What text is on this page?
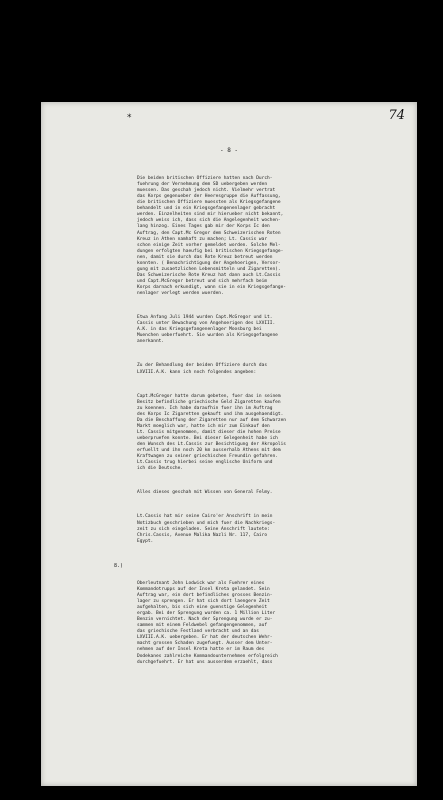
*	74
- 8 -

Die beiden britischen Offiziere hatten nach Durch-
fuehrung der Vernehmung dem SD uebergeben werden
muessen. Das geschah jedoch nicht. Vielmehr vertrat
das Korps gegenueber der Heeresgruppe die Auffassung,
die britischen Offiziere muessten als Kriegsgefangene
behandelt und in ein Kriegsgefangenenlager gebracht
werden. Einzelheiten sind mir hierueber nicht bekannt,
jedoch weiss ich, dass sich die Angelegenheit wochen-
lang hinzog. Eines Tages gab mir der Korps Ic den
Auftrag, den Capt.Mc Gregor dem Schweizerischen Roten
Kreuz in Athen namhaft zu machen; Lt. Cassis war
schon einige Zeit vorher gemeldet worden. Solche Mel-
dungen erfolgten haeufig bei britischen Kriegsgefange-
nen, damit sie durch das Rote Kreuz betreut werden
konnten. ( Benachrichtigung der Angehoerigen, Versor-
gung mit zusaetzlichen Lebensmitteln und Zigaretten).
Das Schweizerische Rote Kreuz hat dann auch Lt.Cassis
und Capt.McGregor betreut und sich mehrfach beim
Korps darnach erkundigt, wann sie in ein Kriegsgefange-
nenlager verlegt werden wuerden.

Etwa Anfang Juli 1944 wurden Capt.McGregor und Lt.
Cassis unter Bewachung von Angehoerigen des LXVIII.
A.K. in das Kriegsgefangenenlager Moosburg bei
Muenchen ueberfuehrt. Sie wurden als Kriegsgefangene
anerkannt.

Zu der Behandlung der beiden Offiziere durch das
LXVIII.A.K. kann ich noch folgendes angeben:

Capt.McGregor hatte darum gebeten, fuer das in seinem
Besitz befindliche griechische Geld Zigaretten kaufen
zu koennen. Ich habe daraufhin fuer ihn im Auftrag
des Korps Ic Zigaretten gekauft und ihm ausgehaendigt.
Da die Beschaffung der Zigaretten nur auf dem Schwarzen
Markt moeglich war, hatte ich mir zum Einkauf den
Lt. Cassis mitgenommen, damit dieser die hohen Preise
ueberpruefen konnte. Bei dieser Gelegenheit habe ich
den Wunsch des Lt.Cassis zur Besichtigung der Akropolis
erfuellt und ihn noch 20 km ausserhalb Athens mit dem
Kraftwagen zu seiner griechischen Freundin gefahren.
Lt.Cassis trug hierbei seine englische Uniform und
ich die Deutsche.

Alles dieses geschah mit Wissen von General Felmy.

Lt.Cassis hat mir seine Cairo'er Anschrift in mein
Notizbuch geschrieben und mich fuer die Nachkriegs-
zeit zu sich eingeladen. Seine Anschrift lautete:
Chris.Cassis, Avenue Malika Nazli Nr. 117, Cairo
Egypt.

8.)

Oberleutnant John Lodwick war als Fuehrer eines
Kommandotrupps auf der Insel Kreta gelandet. Sein
Auftrag war, ein dort befindliches grosses Benzin-
lager zu sprengen. Er hat sich dort laengere Zeit
aufgehalten, bis sich eine guenstige Gelegenheit
ergab. Bei der Sprengung wurden ca. 1 Million Liter
Benzin vernichtet. Nach der Sprengung wurde er zu-
sammen mit einem Feldwebel gefangengenommen, auf
das griechische Festland verbracht und an das
LXVIII.A.K. uebergeben. Er hat der deutschen Wehr-
macht grossen Schaden zugefuegt. Ausser dem Unter-
nehmen auf der Insel Kreta hatte er im Raum des
Dodekanes zahlreiche Kommandounternehmen erfolgreich
durchgefuehrt. Er hat uns ausserdem erzaehlt, dass
